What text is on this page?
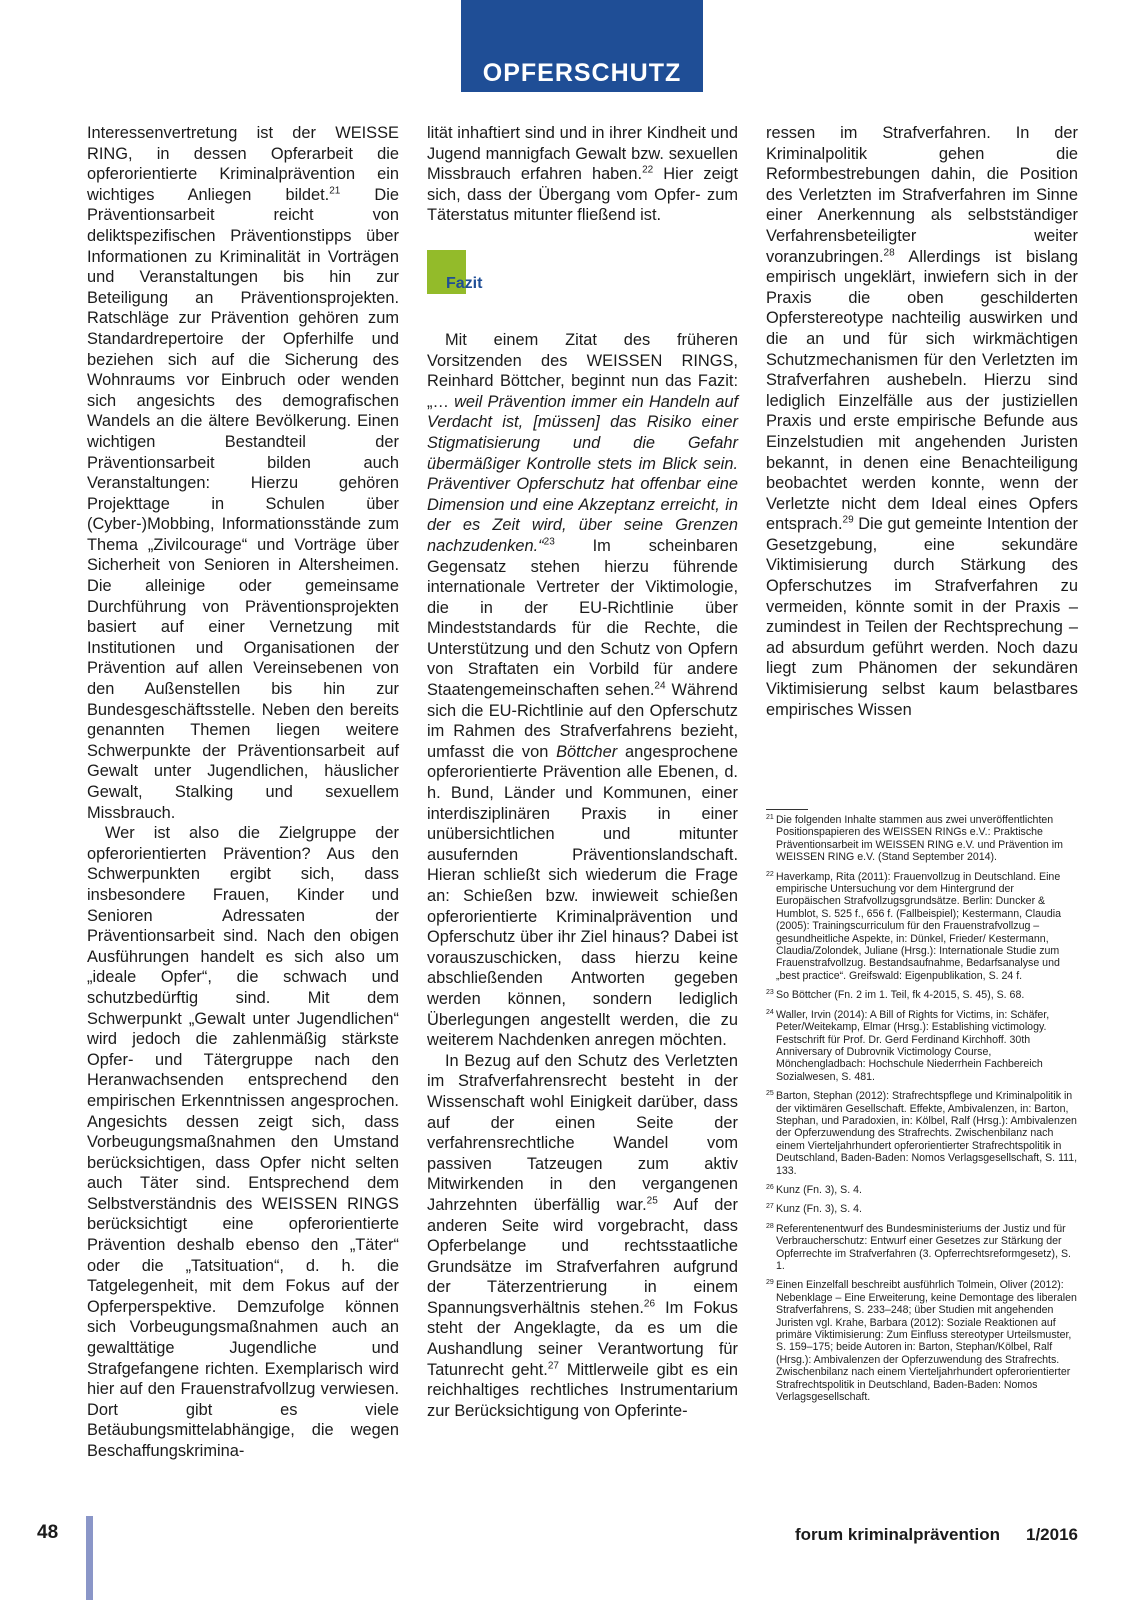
OPFERSCHUTZ

Interessenvertretung ist der WEISSE RING, in dessen Opferarbeit die opferorientierte Kriminalprävention ein wichtiges Anliegen bildet.$^{21}$ Die Präventionsarbeit reicht von deliktspezifischen Präventionstipps über Informationen zu Kriminalität in Vorträgen und Veranstaltungen bis hin zur Beteiligung an Präventionsprojekten. Ratschläge zur Prävention gehören zum Standardrepertoire der Opferhilfe und beziehen sich auf die Sicherung des Wohnraums vor Einbruch oder wenden sich angesichts des demografischen Wandels an die ältere Bevölkerung. Einen wichtigen Bestandteil der Präventionsarbeit bilden auch Veranstaltungen: Hierzu gehören Projekttage in Schulen über (Cyber-)Mobbing, Informationsstände zum Thema „Zivilcourage“ und Vorträge über Sicherheit von Senioren in Altersheimen. Die alleinige oder gemeinsame Durchführung von Präventionsprojekten basiert auf einer Vernetzung mit Institutionen und Organisationen der Prävention auf allen Vereinsebenen von den Außenstellen bis hin zur Bundesgeschäftsstelle. Neben den bereits genannten Themen liegen weitere Schwerpunkte der Präventionsarbeit auf Gewalt unter Jugendlichen, häuslicher Gewalt, Stalking und sexuellem Missbrauch.

Wer ist also die Zielgruppe der opferorientierten Prävention? Aus den Schwerpunkten ergibt sich, dass insbesondere Frauen, Kinder und Senioren Adressaten der Präventionsarbeit sind. Nach den obigen Ausführungen handelt es sich also um „ideale Opfer“, die schwach und schutzbedürftig sind. Mit dem Schwerpunkt „Gewalt unter Jugendlichen“ wird jedoch die zahlenmäßig stärkste Opfer- und Tätergruppe nach den Heranwachsenden entsprechend den empirischen Erkenntnissen angesprochen. Angesichts dessen zeigt sich, dass Vorbeugungsmaßnahmen den Umstand berücksichtigen, dass Opfer nicht selten auch Täter sind. Entsprechend dem Selbstverständnis des WEISSEN RINGS berücksichtigt eine opferorientierte Prävention deshalb ebenso den „Täter“ oder die „Tatsituation“, d. h. die Tatgelegenheit, mit dem Fokus auf der Opferperspektive. Demzufolge können sich Vorbeugungsmaßnahmen auch an gewalttätige Jugendliche und Strafgefangene richten. Exemplarisch wird hier auf den Frauenstrafvollzug verwiesen. Dort gibt es viele Betäubungsmittelabhängige, die wegen Beschaffungskrimina-

lität inhaftiert sind und in ihrer Kindheit und Jugend mannigfach Gewalt bzw. sexuellen Missbrauch erfahren haben.$^{22}$ Hier zeigt sich, dass der Übergang vom Opfer- zum Täterstatus mitunter fließend ist.

Fazit

Mit einem Zitat des früheren Vorsitzenden des WEISSEN RINGS, Reinhard Böttcher, beginnt nun das Fazit: „… weil Prävention immer ein Handeln auf Verdacht ist, [müssen] das Risiko einer Stigmatisierung und die Gefahr übermäßiger Kontrolle stets im Blick sein. Präventiver Opferschutz hat offenbar eine Dimension und eine Akzeptanz erreicht, in der es Zeit wird, über seine Grenzen nachzudenken.“$^{23}$ Im scheinbaren Gegensatz stehen hierzu führende internationale Vertreter der Viktimologie, die in der EU-Richtlinie über Mindeststandards für die Rechte, die Unterstützung und den Schutz von Opfern von Straftaten ein Vorbild für andere Staatengemeinschaften sehen.$^{24}$ Während sich die EU-Richtlinie auf den Opferschutz im Rahmen des Strafverfahrens bezieht, umfasst die von Böttcher angesprochene opferorientierte Prävention alle Ebenen, d. h. Bund, Länder und Kommunen, einer interdisziplinären Praxis in einer unübersichtlichen und mitunter ausufernden Präventionslandschaft. Hieran schließt sich wiederum die Frage an: Schießen bzw. inwieweit schießen opferorientierte Kriminalprävention und Opferschutz über ihr Ziel hinaus? Dabei ist vorauszuschicken, dass hierzu keine abschließenden Antworten gegeben werden können, sondern lediglich Überlegungen angestellt werden, die zu weiterem Nachdenken anregen möchten.

In Bezug auf den Schutz des Verletzten im Strafverfahrensrecht besteht in der Wissenschaft wohl Einigkeit darüber, dass auf der einen Seite der verfahrensrechtliche Wandel vom passiven Tatzeugen zum aktiv Mitwirkenden in den vergangenen Jahrzehnten überfällig war.$^{25}$ Auf der anderen Seite wird vorgebracht, dass Opferbelange und rechtsstaatliche Grundsätze im Strafverfahren aufgrund der Täterzentrierung in einem Spannungsverhältnis stehen.$^{26}$ Im Fokus steht der Angeklagte, da es um die Aushandlung seiner Verantwortung für Tatunrecht geht.$^{27}$ Mittlerweile gibt es ein reichhaltiges rechtliches Instrumentarium zur Berücksichtigung von Opferinte-

ressen im Strafverfahren. In der Kriminalpolitik gehen die Reformbestrebungen dahin, die Position des Verletzten im Strafverfahren im Sinne einer Anerkennung als selbstständiger Verfahrensbeteiligter weiter voranzubringen.$^{28}$ Allerdings ist bislang empirisch ungeklärt, inwiefern sich in der Praxis die oben geschilderten Opferstereotype nachteilig auswirken und die an und für sich wirkmächtigen Schutzmechanismen für den Verletzten im Strafverfahren aushebeln. Hierzu sind lediglich Einzelfälle aus der justiziellen Praxis und erste empirische Befunde aus Einzelstudien mit angehenden Juristen bekannt, in denen eine Benachteiligung beobachtet werden konnte, wenn der Verletzte nicht dem Ideal eines Opfers entsprach.$^{29}$ Die gut gemeinte Intention der Gesetzgebung, eine sekundäre Viktimisierung durch Stärkung des Opferschutzes im Strafverfahren zu vermeiden, könnte somit in der Praxis – zumindest in Teilen der Rechtsprechung – ad absurdum geführt werden. Noch dazu liegt zum Phänomen der sekundären Viktimisierung selbst kaum belastbares empirisches Wissen

21 Die folgenden Inhalte stammen aus zwei unveröffentlichten Positionspapieren des WEISSEN RINGs e.V.: Praktische Präventionsarbeit im WEISSEN RING e.V. und Prävention im WEISSEN RING e.V. (Stand September 2014).
22 Haverkamp, Rita (2011): Frauenvollzug in Deutschland. Eine empirische Untersuchung vor dem Hintergrund der Europäischen Strafvollzugsgrundsätze. Berlin: Duncker & Humblot, S. 525 f., 656 f. (Fallbeispiel); Kestermann, Claudia (2005): Trainingscurriculum für den Frauenstrafvollzug – gesundheitliche Aspekte, in: Dünkel, Frieder/ Kestermann, Claudia/Zolondek, Juliane (Hrsg.): Internationale Studie zum Frauenstrafvollzug. Bestandsaufnahme, Bedarfsanalyse und „best practice“. Greifswald: Eigenpublikation, S. 24 f.
23 So Böttcher (Fn. 2 im 1. Teil, fk 4-2015, S. 45), S. 68.
24 Waller, Irvin (2014): A Bill of Rights for Victims, in: Schäfer, Peter/Weitekamp, Elmar (Hrsg.): Establishing victimology. Festschrift für Prof. Dr. Gerd Ferdinand Kirchhoff. 30th Anniversary of Dubrovnik Victimology Course, Mönchengladbach: Hochschule Niederrhein Fachbereich Sozialwesen, S. 481.
25 Barton, Stephan (2012): Strafrechtspflege und Kriminalpolitik in der viktimären Gesellschaft. Effekte, Ambivalenzen, in: Barton, Stephan, und Paradoxien, in: Kölbel, Ralf (Hrsg.): Ambivalenzen der Opferzuwendung des Strafrechts. Zwischenbilanz nach einem Vierteljahrhundert opferorientierter Strafrechtspolitik in Deutschland, Baden-Baden: Nomos Verlagsgesellschaft, S. 111, 133.
26 Kunz (Fn. 3), S. 4.
27 Kunz (Fn. 3), S. 4.
28 Referentenentwurf des Bundesministeriums der Justiz und für Verbraucherschutz: Entwurf einer Gesetzes zur Stärkung der Opferrechte im Strafverfahren (3. Opferrechtsreformgesetz), S. 1.
29 Einen Einzelfall beschreibt ausführlich Tolmein, Oliver (2012): Nebenklage – Eine Erweiterung, keine Demontage des liberalen Strafverfahrens, S. 233–248; über Studien mit angehenden Juristen vgl. Krahe, Barbara (2012): Soziale Reaktionen auf primäre Viktimisierung: Zum Einfluss stereotyper Urteilsmuster, S. 159–175; beide Autoren in: Barton, Stephan/Kölbel, Ralf (Hrsg.): Ambivalenzen der Opferzuwendung des Strafrechts. Zwischenbilanz nach einem Vierteljahrhundert opferorientierter Strafrechtspolitik in Deutschland, Baden-Baden: Nomos Verlagsgesellschaft.
48	forum kriminalprävention 1/2016
